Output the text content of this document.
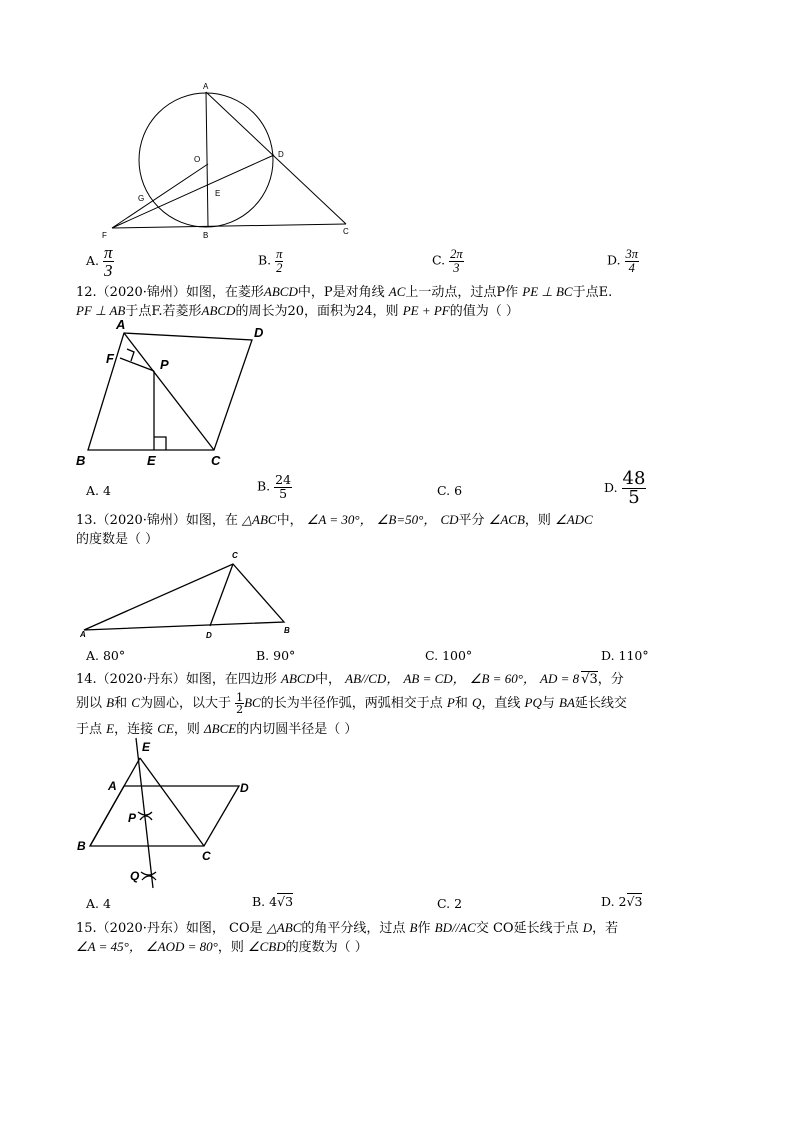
A
O
D
G
E
F	B	C
A. $\frac{\pi}{3}$	B. $\frac{\pi}{2}$	C. $\frac{2\pi}{3}$	D. $\frac{3\pi}{4}$
12.（2020·锦州）如图，在菱形ABCD中，P是对角线 AC上一动点，过点P作 PE ⊥ BC于点E.
PF ⊥ AB于点F.若菱形ABCD的周长为20，面积为24，则 PE + PF的值为（ ）
A
D
F	P
B	E	C
A. 4	B. $\frac{24}{5}$	C. 6	D. $\frac{48}{5}$
13.（2020·锦州）如图，在 △ABC中， ∠A = 30°， ∠B=50°， CD平分 ∠ACB，则 ∠ADC
的度数是（ ）
C
A	D
B
A. 80°	B. 90°	C. 100°	D. 110°
14.（2020·丹东）如图，在四边形 ABCD中， AB//CD， AB = CD， ∠B = 60°， AD = 8 √3，分
别以 B和 C为圆心，以大于 $\frac{1}{2}$ BC的长为半径作弧，两弧相交于点 P和 Q，直线 PQ与 BA延长线交
于点 E，连接 CE，则 ΔBCE的内切圆半径是（ ）
E
A	D
P
B
C
Q
A. 4	B. 4√3	C. 2	D. 2√3
15.（2020·丹东）如图， CO是 △ABC的角平分线，过点 B作 BD//AC交 CO延长线于点 D，若
∠A = 45°， ∠AOD = 80°，则 ∠CBD的度数为（ ）
